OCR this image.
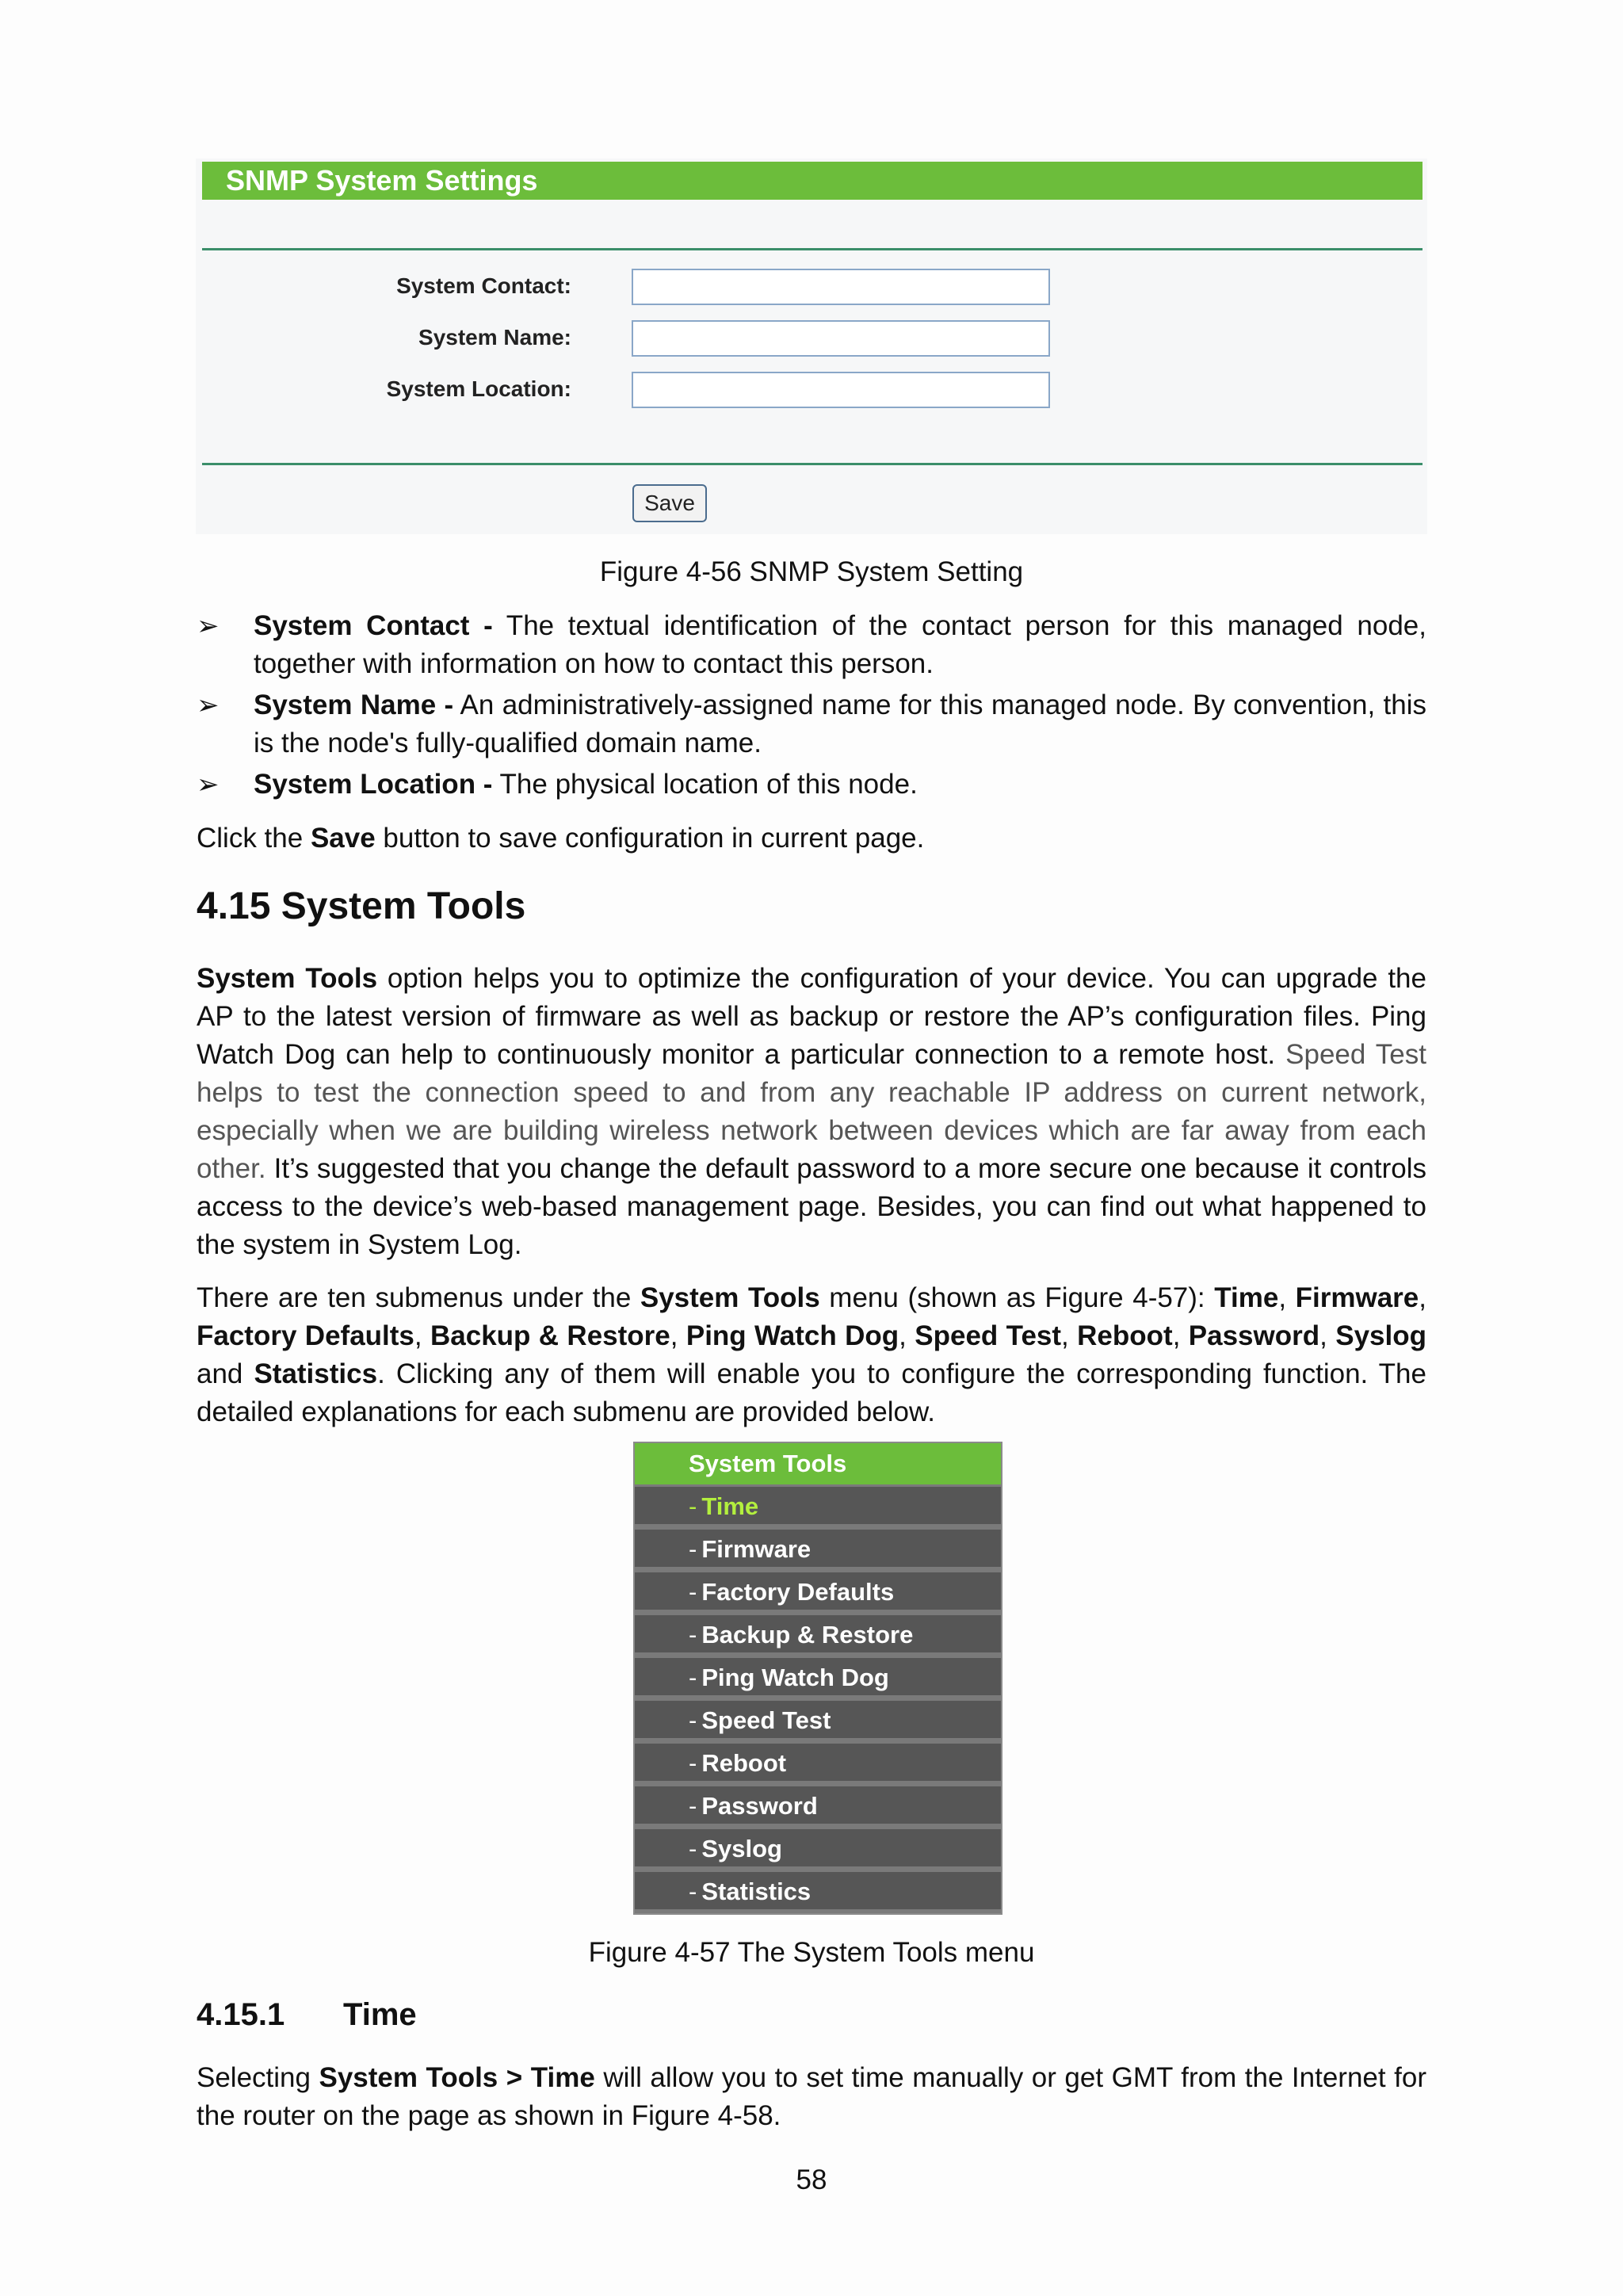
SNMP System Settings
System Contact:
System Name:
System Location:
Save
Figure 4-56 SNMP System Setting
➢ System Contact - The textual identification of the contact person for this managed node, together with information on how to contact this person.
➢ System Name - An administratively-assigned name for this managed node. By convention, this is the node's fully-qualified domain name.
➢ System Location - The physical location of this node.
Click the Save button to save configuration in current page.
4.15 System Tools
System Tools option helps you to optimize the configuration of your device. You can upgrade the AP to the latest version of firmware as well as backup or restore the AP’s configuration files. Ping Watch Dog can help to continuously monitor a particular connection to a remote host. Speed Test helps to test the connection speed to and from any reachable IP address on current network, especially when we are building wireless network between devices which are far away from each other. It’s suggested that you change the default password to a more secure one because it controls access to the device’s web-based management page. Besides, you can find out what happened to the system in System Log.
There are ten submenus under the System Tools menu (shown as Figure 4-57): Time, Firmware, Factory Defaults, Backup & Restore, Ping Watch Dog, Speed Test, Reboot, Password, Syslog and Statistics. Clicking any of them will enable you to configure the corresponding function. The detailed explanations for each submenu are provided below.
System Tools
- Time
- Firmware
- Factory Defaults
- Backup & Restore
- Ping Watch Dog
- Speed Test
- Reboot
- Password
- Syslog
- Statistics
Figure 4-57 The System Tools menu
4.15.1 Time
Selecting System Tools > Time will allow you to set time manually or get GMT from the Internet for the router on the page as shown in Figure 4-58.
58
